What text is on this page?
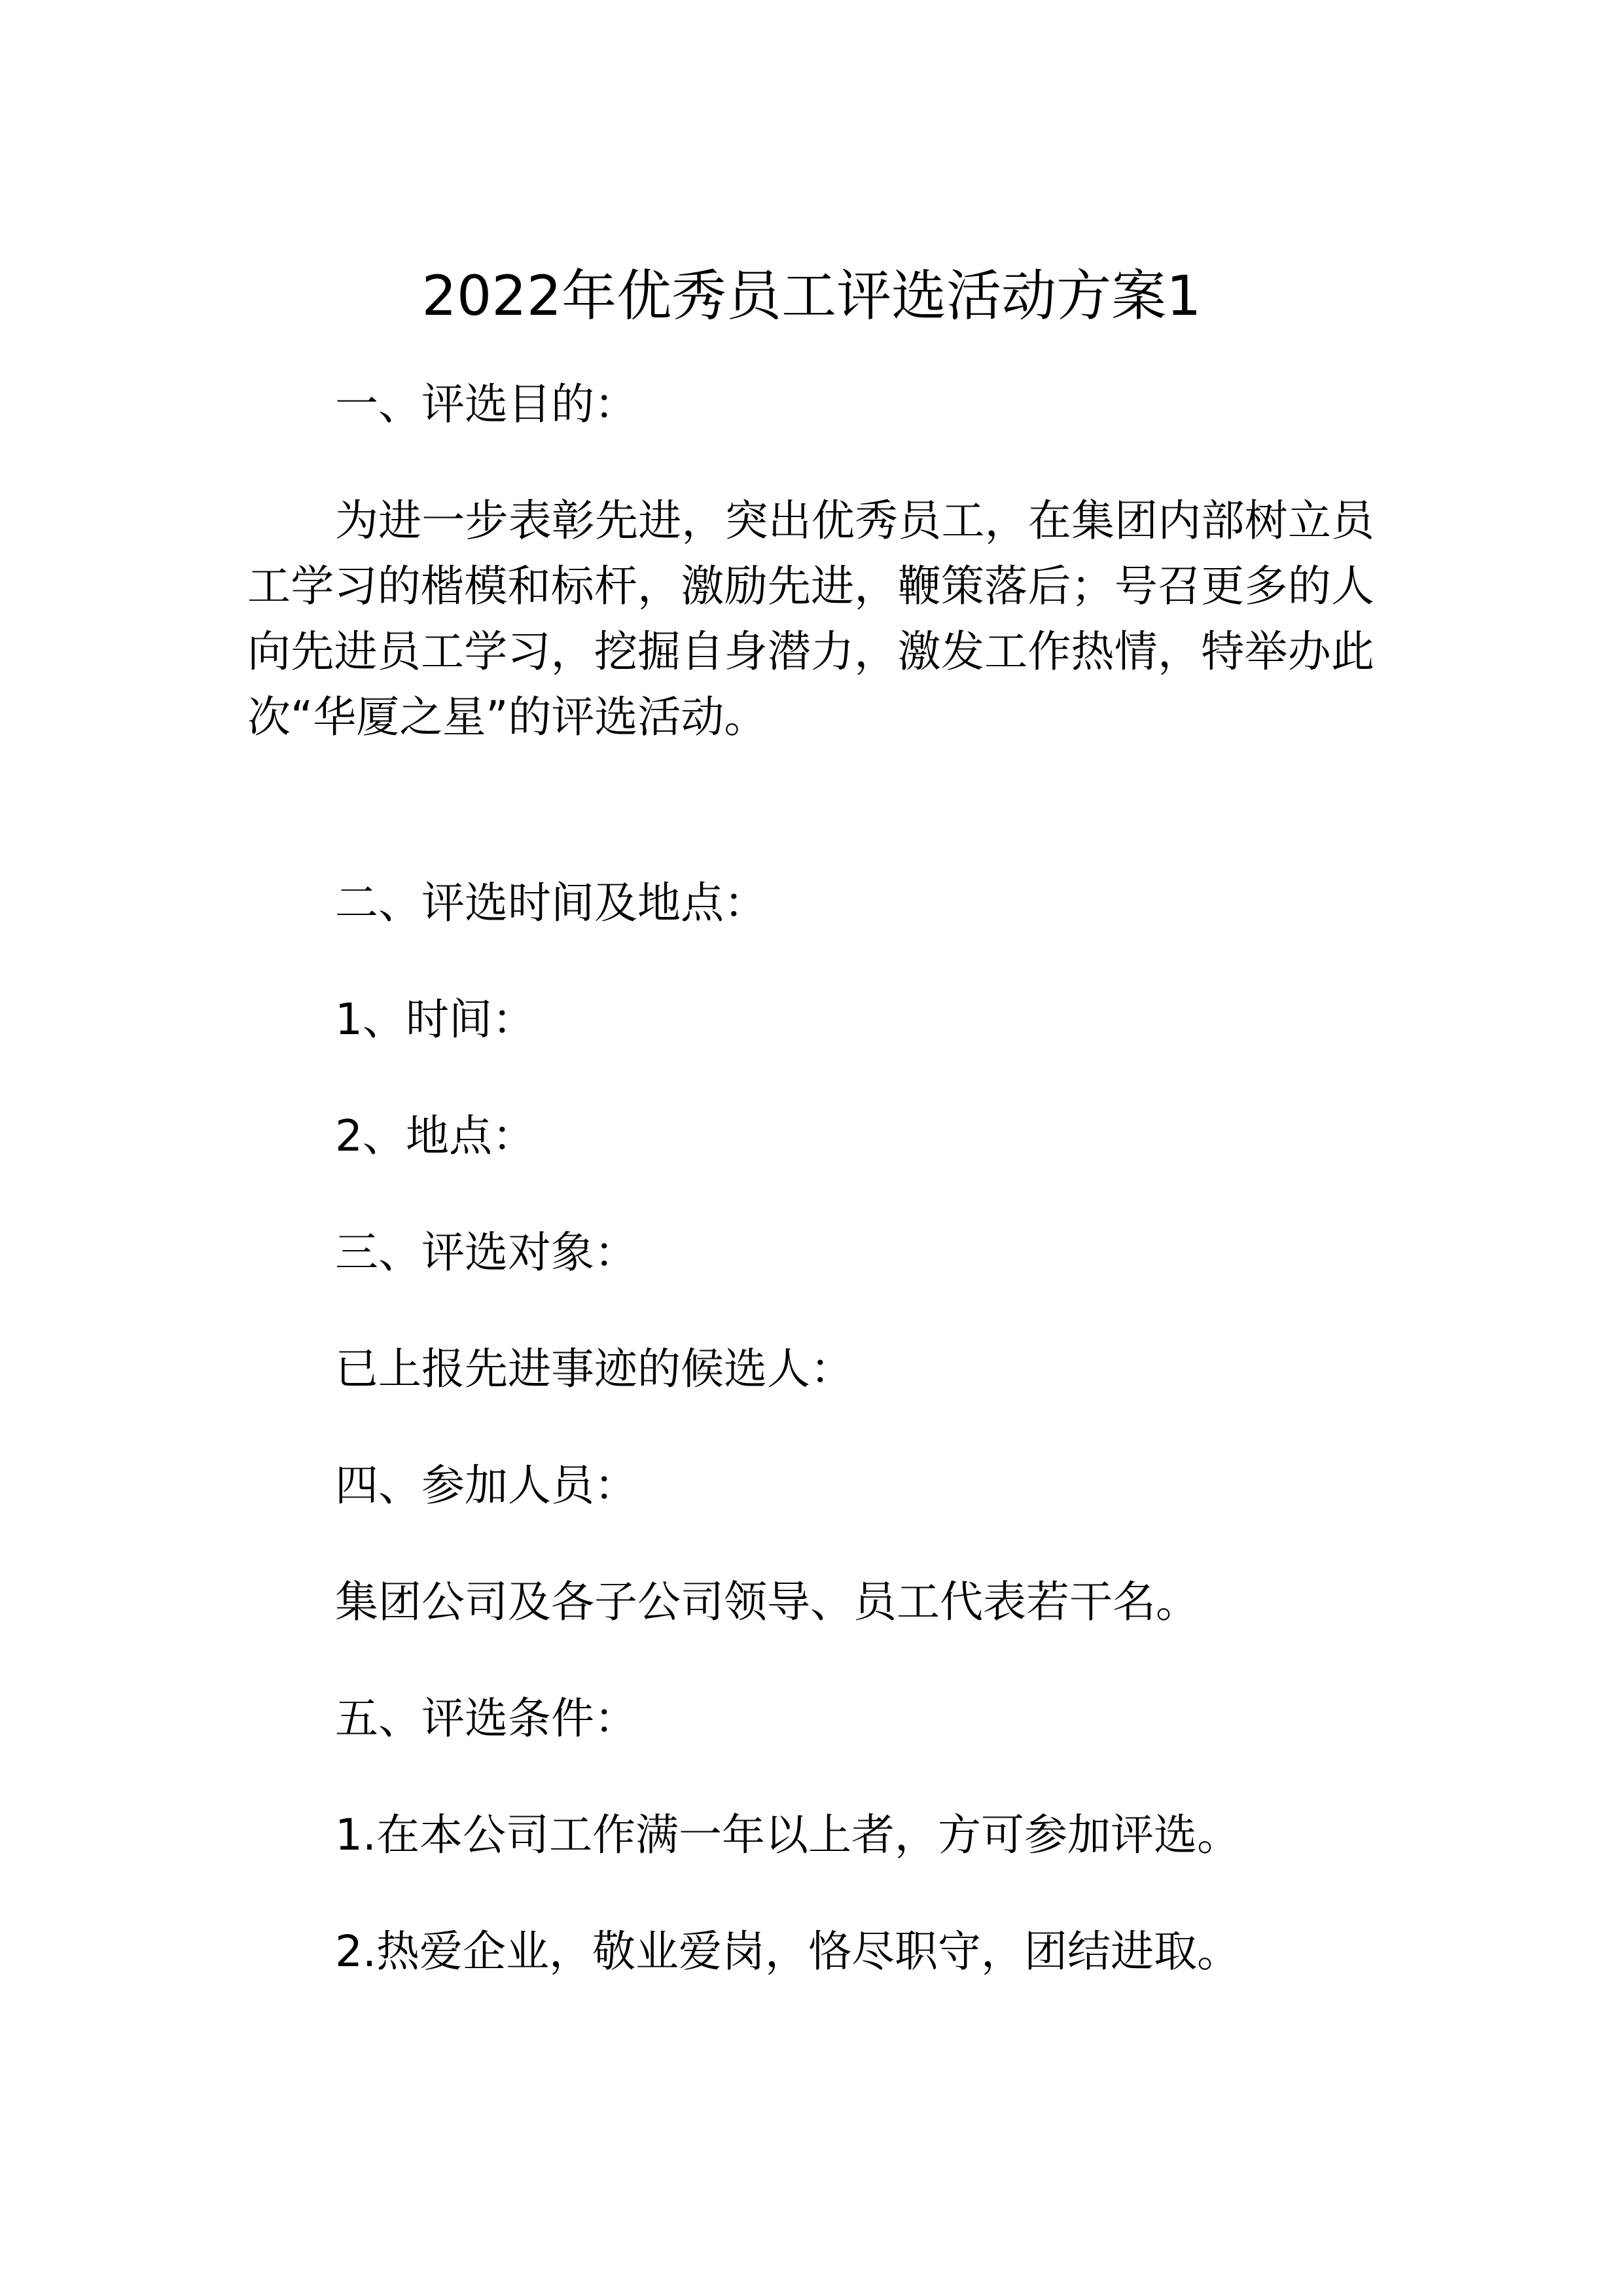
2022年优秀员工评选活动方案1
一、评选目的：
为进一步表彰先进，突出优秀员工，在集团内部树立员工学习的楷模和标杆，激励先进，鞭策落后；号召更多的人向先进员工学习，挖掘自身潜力，激发工作热情，特举办此次“华厦之星”的评选活动。
二、评选时间及地点：
1、时间：
2、地点：
三、评选对象：
已上报先进事迹的候选人：
四、参加人员：
集团公司及各子公司领导、员工代表若干名。
五、评选条件：
1.在本公司工作满一年以上者，方可参加评选。
2.热爱企业，敬业爱岗，恪尽职守，团结进取。
